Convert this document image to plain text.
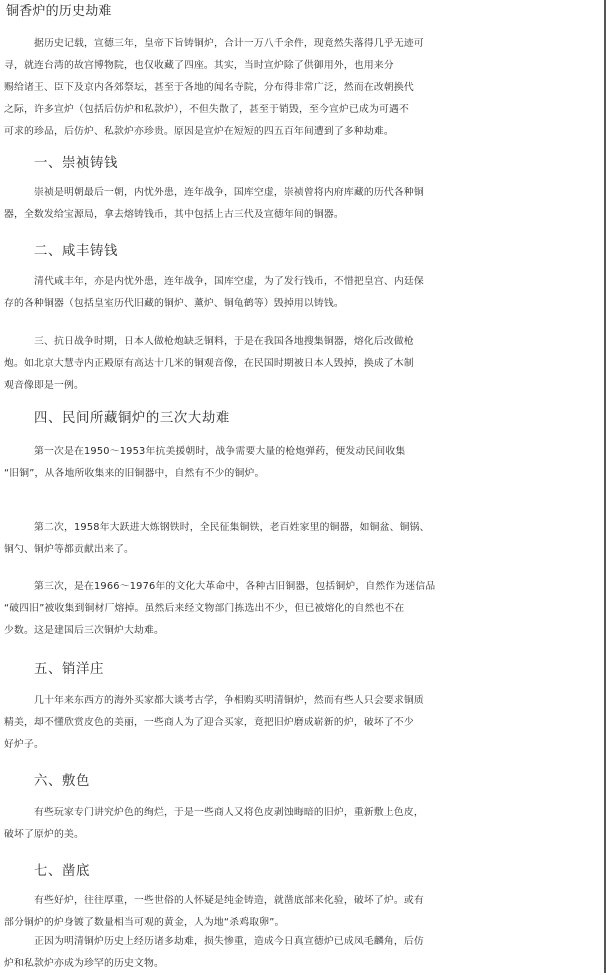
铜香炉的历史劫难
据历史记载，宣德三年，皇帝下旨铸铜炉，合计一万八千余件，现竟然失落得几乎无迹可
寻，就连台湾的故宫博物院，也仅收藏了四座。其实，当时宣炉除了供御用外，也用来分
赐给诸王、臣下及京内各郊祭坛，甚至于各地的闻名寺院，分布得非常广泛，然而在改朝换代
之际，许多宣炉（包括后仿炉和私款炉），不但失散了，甚至于销毁，至今宣炉已成为可遇不
可求的珍品，后仿炉、私款炉亦珍贵。原因是宣炉在短短的四五百年间遭到了多种劫难。
一、崇祯铸钱
崇祯是明朝最后一朝，内忧外患，连年战争，国库空虚，崇祯曾将内府库藏的历代各种铜
器，全数发给宝源局，拿去熔铸钱币，其中包括上古三代及宣德年间的铜器。
二、咸丰铸钱
清代咸丰年，亦是内忧外患，连年战争，国库空虚，为了发行钱币，不惜把皇宫、内廷保
存的各种铜器（包括皇室历代旧藏的铜炉、薰炉、铜龟鹤等）毁掉用以铸钱。
三、抗日战争时期，日本人做枪炮缺乏铜料，于是在我国各地搜集铜器，熔化后改做枪
炮。如北京大慧寺内正殿原有高达十几米的铜观音像，在民国时期被日本人毁掉，换成了木制
观音像即是一例。
四、民间所藏铜炉的三次大劫难
第一次是在1950～1953年抗美援朝时，战争需要大量的枪炮弹药，便发动民间收集
“旧铜”，从各地所收集来的旧铜器中，自然有不少的铜炉。
第二次，1958年大跃进大炼钢铁时，全民征集铜铁，老百姓家里的铜器，如铜盆、铜锅、
铜勺、铜炉等都贡献出来了。
第三次，是在1966～1976年的文化大革命中，各种古旧铜器，包括铜炉，自然作为迷信品
“破四旧”被收集到铜材厂熔掉。虽然后来经文物部门拣选出不少，但已被熔化的自然也不在
少数。这是建国后三次铜炉大劫难。
五、销洋庄
几十年来东西方的海外买家都大谈考古学，争相购买明清铜炉，然而有些人只会要求铜质
精美，却不懂欣赏皮色的美丽，一些商人为了迎合买家，竟把旧炉磨成崭新的炉，破坏了不少
好炉子。
六、敷色
有些玩家专门讲究炉色的绚烂，于是一些商人又将色皮剥蚀晦暗的旧炉，重新敷上色皮，
破坏了原炉的美。
七、凿底
有些好炉，往往厚重，一些世俗的人怀疑是纯金铸造，就凿底部来化验，破坏了炉。或有
部分铜炉的炉身镀了数量相当可观的黄金，人为地“杀鸡取卵”。
正因为明清铜炉历史上经历诸多劫难，损失惨重，造成今日真宣德炉已成凤毛麟角，后仿
炉和私款炉亦成为珍罕的历史文物。
